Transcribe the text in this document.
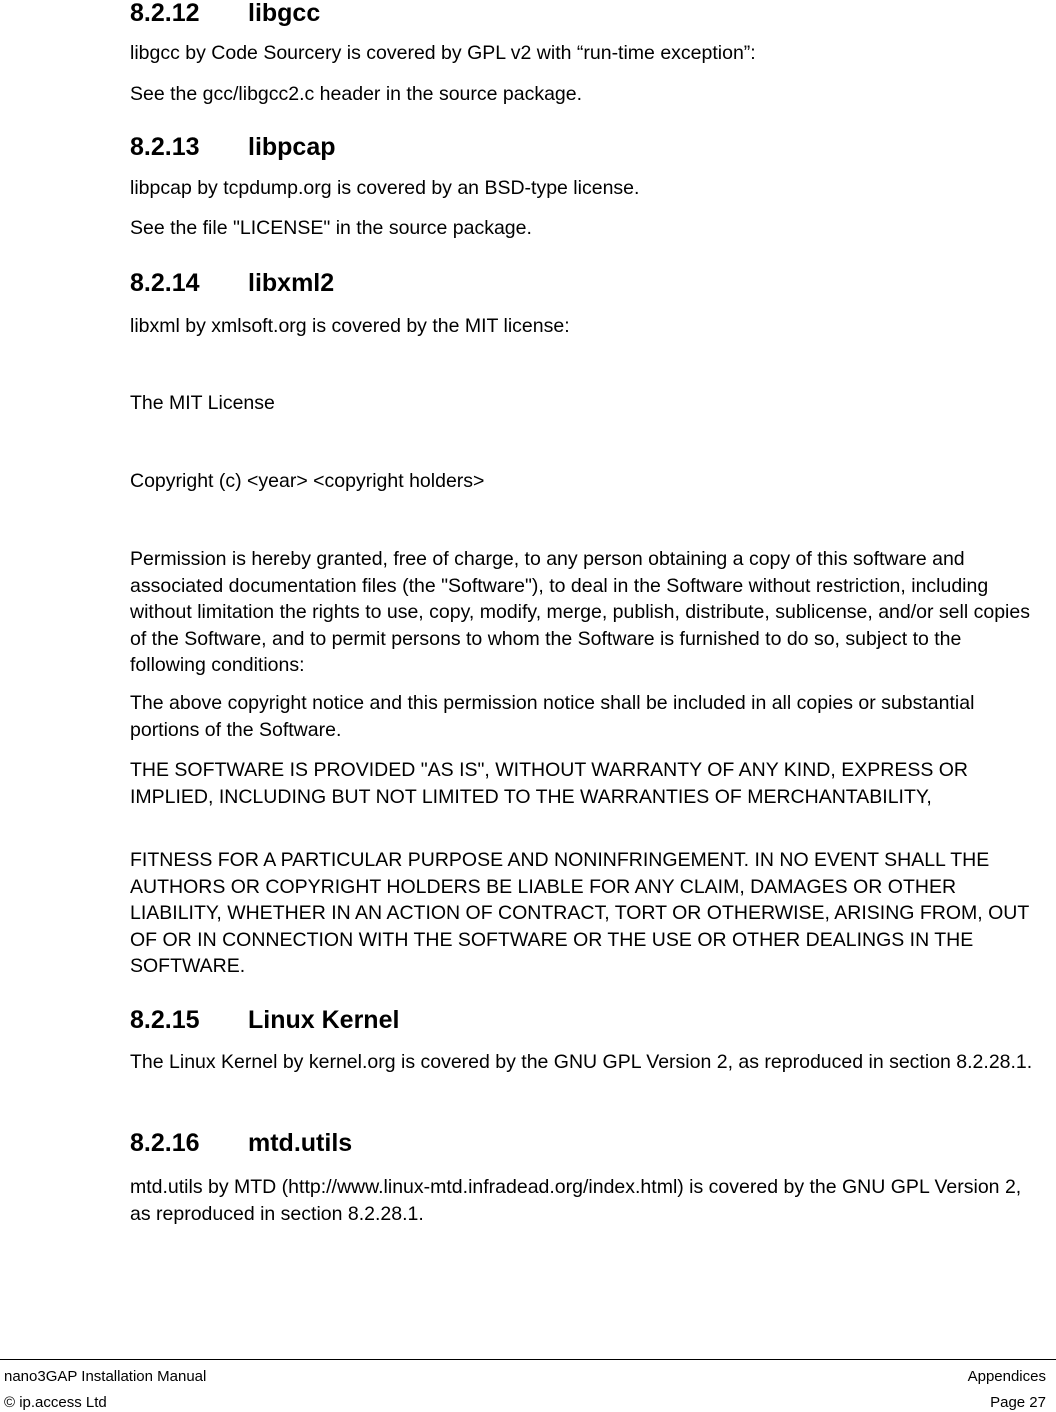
8.2.12 libgcc
libgcc by Code Sourcery is covered by GPL v2 with “run-time exception”:
See the gcc/libgcc2.c header in the source package.
8.2.13 libpcap
libpcap by tcpdump.org is covered by an BSD-type license.
See the file "LICENSE" in the source package.
8.2.14 libxml2
libxml by xmlsoft.org is covered by the MIT license:
The MIT License
Copyright (c) <year> <copyright holders>
Permission is hereby granted, free of charge, to any person obtaining a copy of this software and associated documentation files (the "Software"), to deal in the Software without restriction, including without limitation the rights to use, copy, modify, merge, publish, distribute, sublicense, and/or sell copies of the Software, and to permit persons to whom the Software is furnished to do so, subject to the following conditions:
The above copyright notice and this permission notice shall be included in all copies or substantial portions of the Software.
THE SOFTWARE IS PROVIDED "AS IS", WITHOUT WARRANTY OF ANY KIND, EXPRESS OR IMPLIED, INCLUDING BUT NOT LIMITED TO THE WARRANTIES OF MERCHANTABILITY,
FITNESS FOR A PARTICULAR PURPOSE AND NONINFRINGEMENT. IN NO EVENT SHALL THE AUTHORS OR COPYRIGHT HOLDERS BE LIABLE FOR ANY CLAIM, DAMAGES OR OTHER LIABILITY, WHETHER IN AN ACTION OF CONTRACT, TORT OR OTHERWISE, ARISING FROM, OUT OF OR IN CONNECTION WITH THE SOFTWARE OR THE USE OR OTHER DEALINGS IN THE SOFTWARE.
8.2.15 Linux Kernel
The Linux Kernel by kernel.org is covered by the GNU GPL Version 2, as reproduced in section 8.2.28.1.
8.2.16 mtd.utils
mtd.utils by MTD (http://www.linux-mtd.infradead.org/index.html) is covered by the GNU GPL Version 2, as reproduced in section 8.2.28.1.
nano3GAP Installation Manual
© ip.access Ltd
Appendices
Page 27
